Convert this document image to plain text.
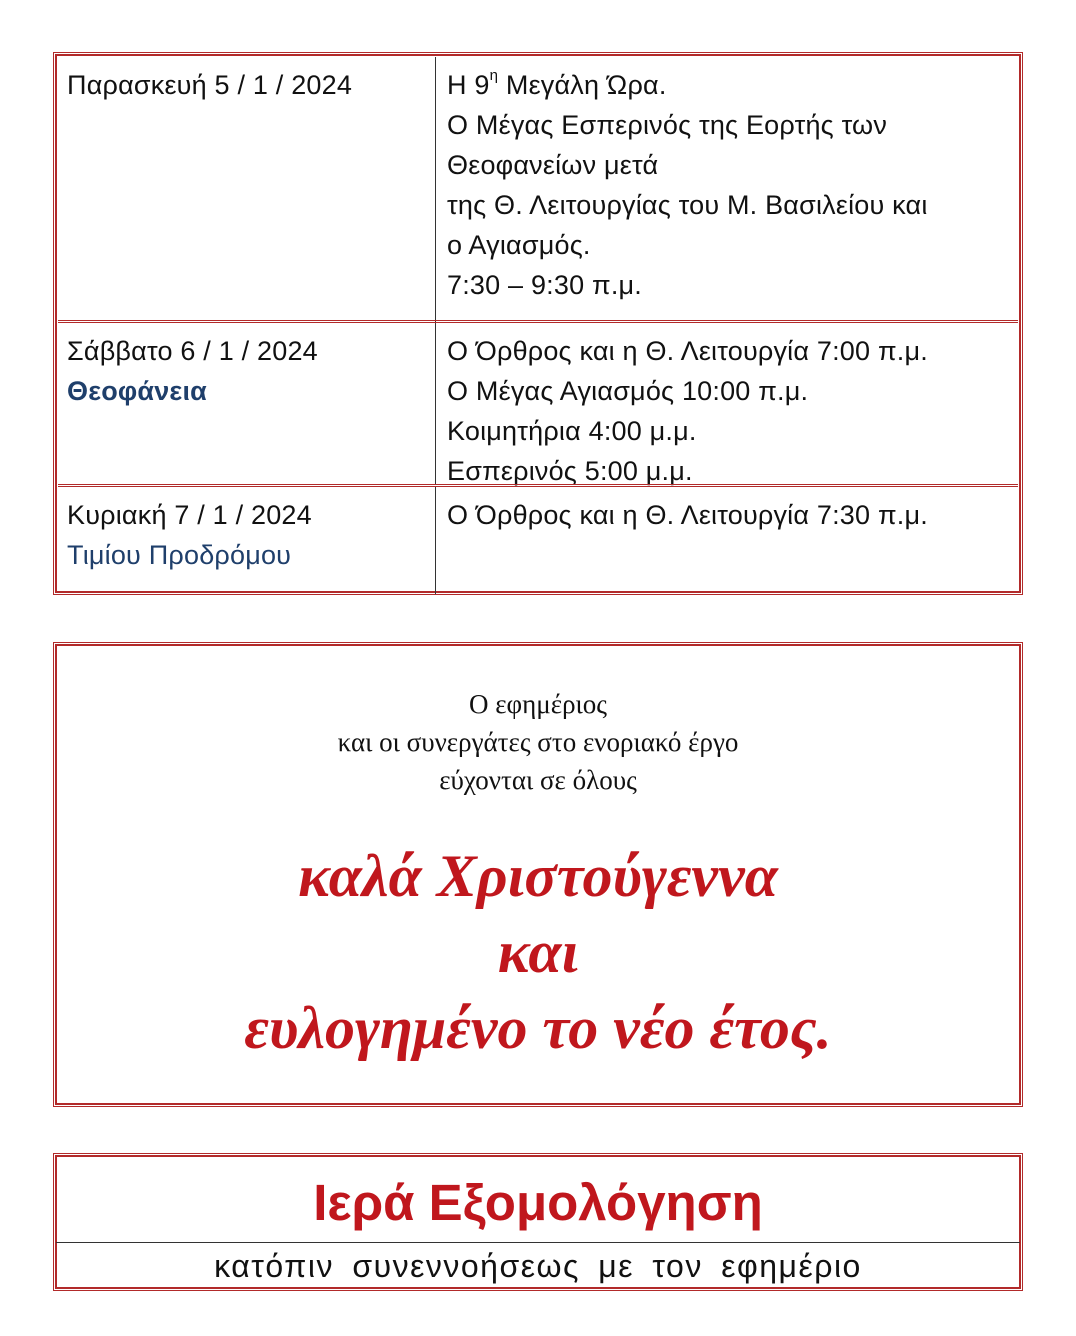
Παρασκευή 5 / 1 / 2024	Η $9^\eta$ Μεγάλη Ώρα.
Ο Μέγας Εσπερινός της Εορτής των
Θεοφανείων μετά
της Θ. Λειτουργίας του Μ. Βασιλείου και
ο Αγιασμός.
7:30 – 9:30 π.μ.
Σάββατο 6 / 1 / 2024
Θεοφάνεια
Ο Όρθρος και η Θ. Λειτουργία 7:00 π.μ.
Ο Μέγας Αγιασμός 10:00 π.μ.
Κοιμητήρια 4:00 μ.μ.
Εσπερινός 5:00 μ.μ.
Κυριακή 7 / 1 / 2024
Τιμίου Προδρόμου
Ο Όρθρος και η Θ. Λειτουργία 7:30 π.μ.
Ο εφημέριος
και οι συνεργάτες στο ενοριακό έργο
εύχονται σε όλους
καλά Χριστούγεννα
και
ευλογημένο το νέο έτος.
Ιερά Εξομολόγηση
κατόπιν συνεννοήσεως με τον εφημέριο
